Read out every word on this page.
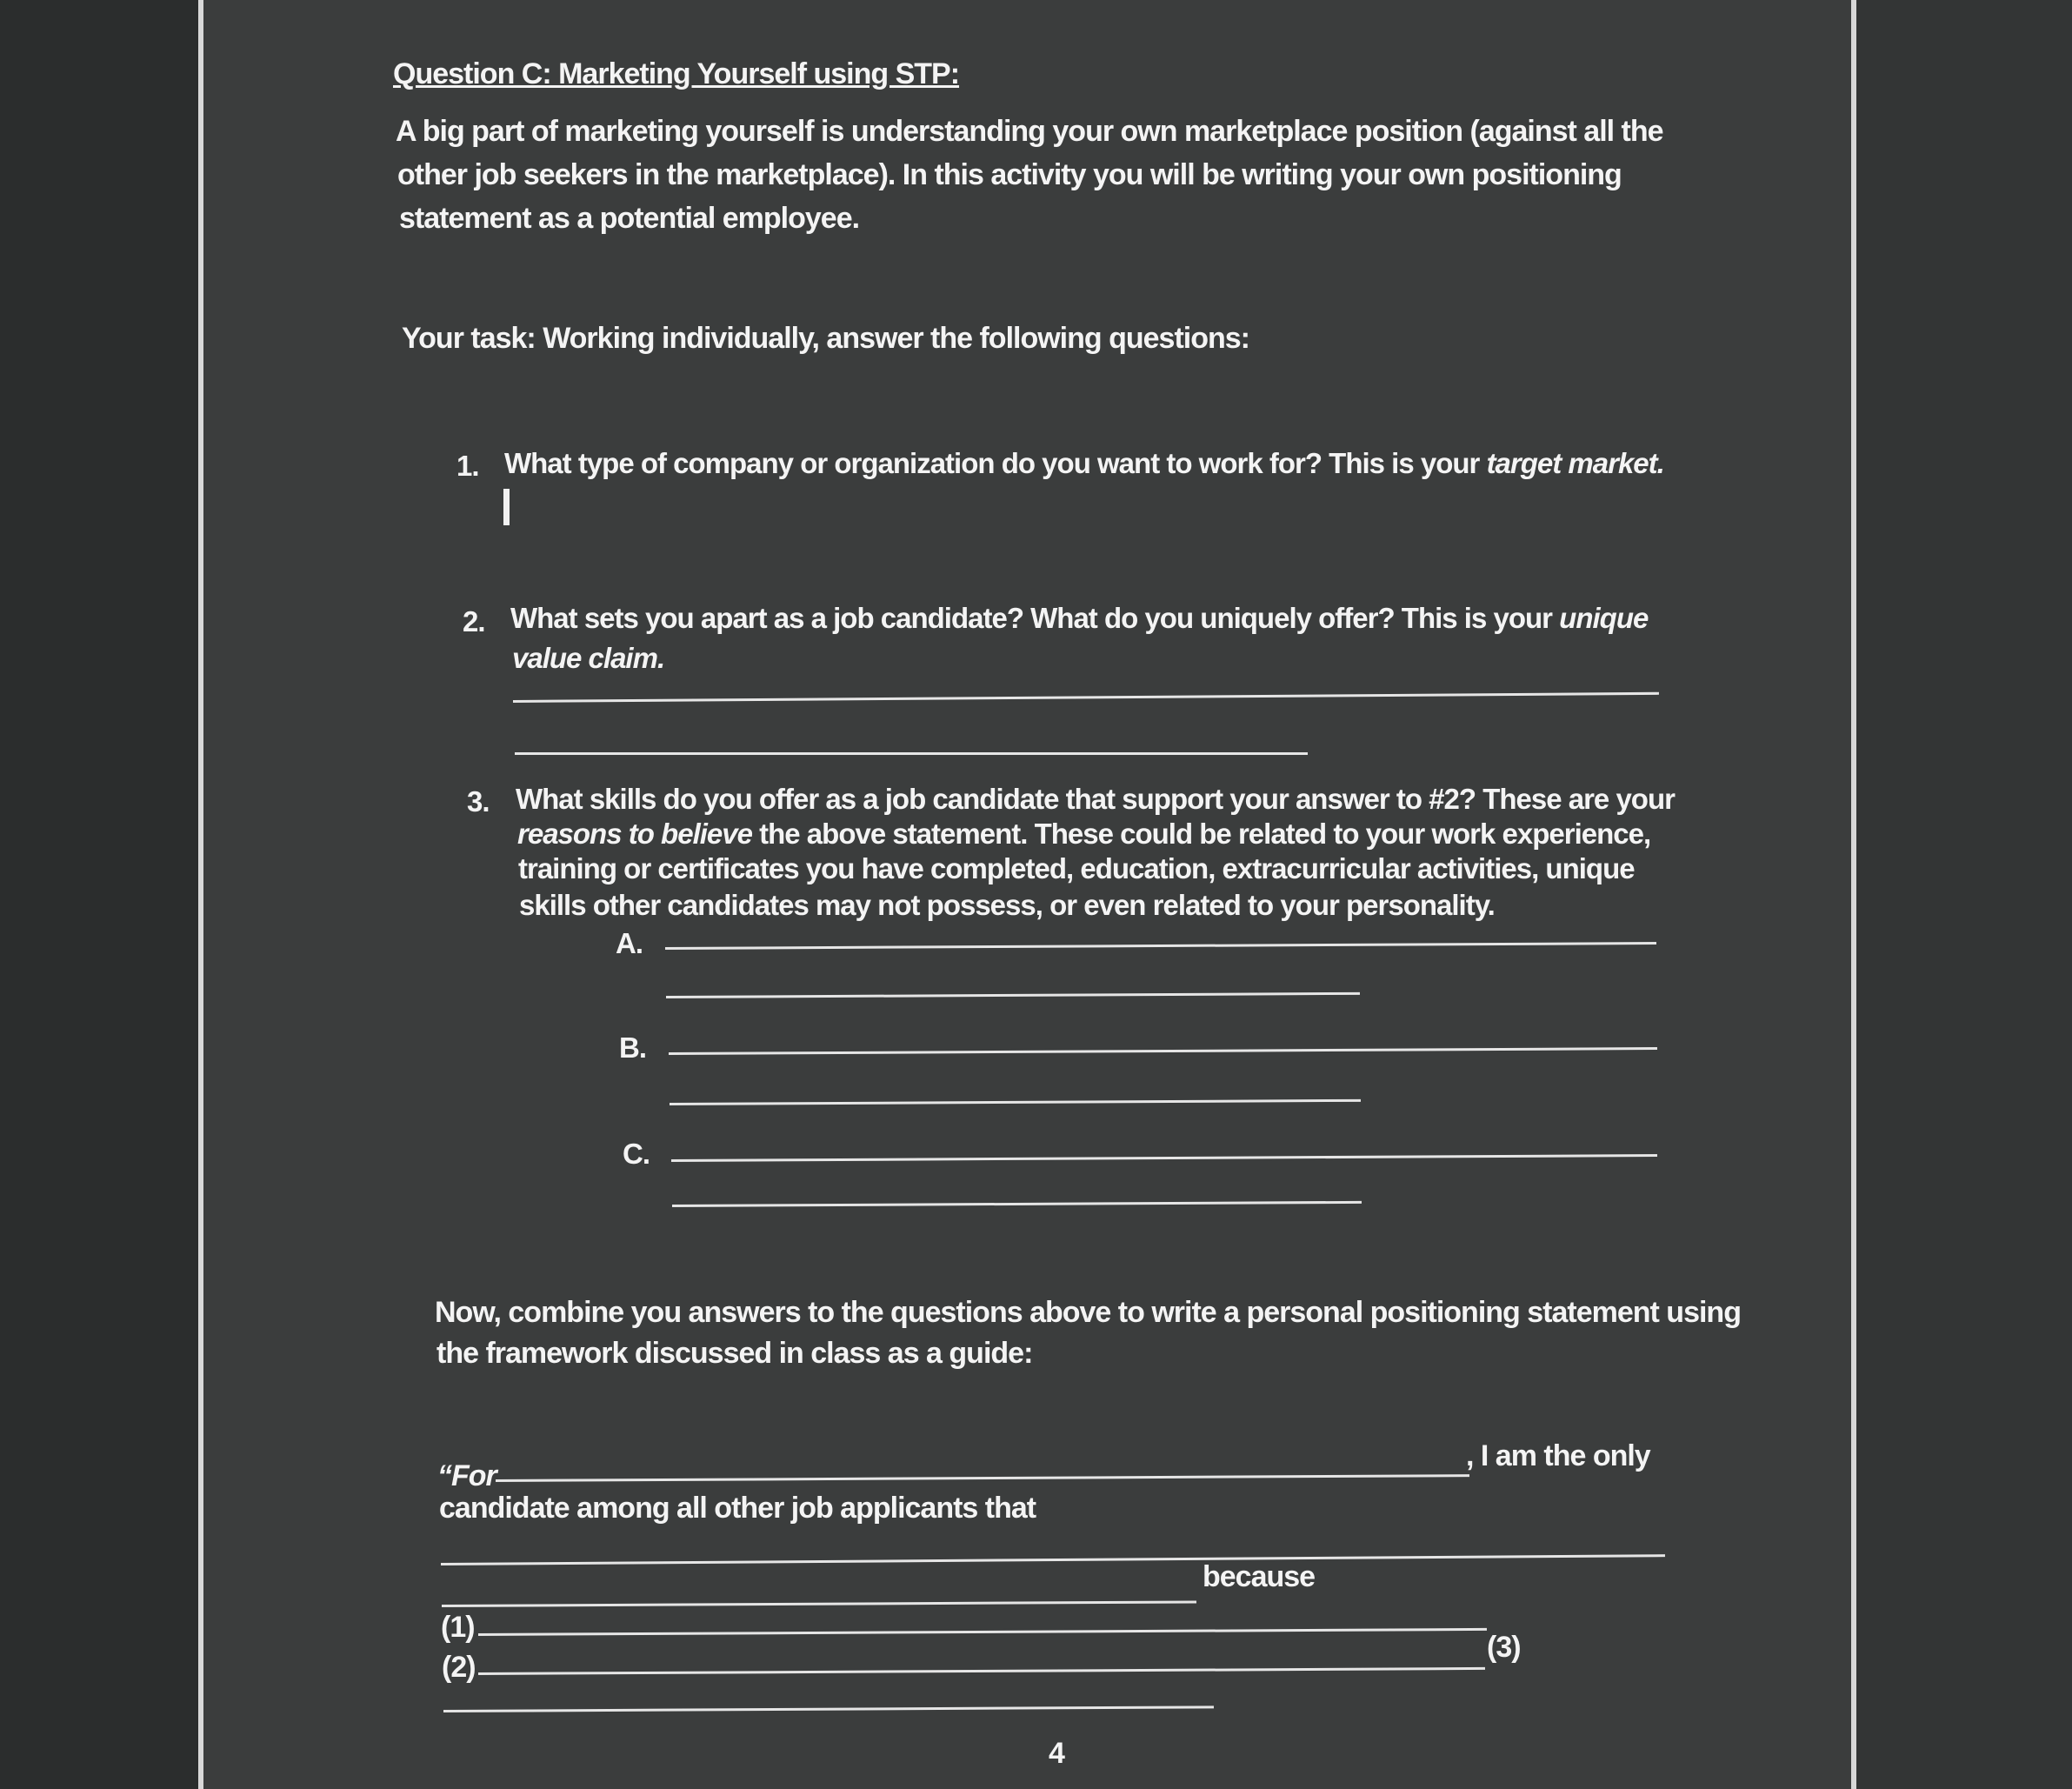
Question C: Marketing Yourself using STP:
A big part of marketing yourself is understanding your own marketplace position (against all the
other job seekers in the marketplace). In this activity you will be writing your own positioning
statement as a potential employee.
Your task: Working individually, answer the following questions:
1. What type of company or organization do you want to work for? This is your target market.
2. What sets you apart as a job candidate? What do you uniquely offer? This is your unique
value claim.
3. What skills do you offer as a job candidate that support your answer to #2? These are your
reasons to believe the above statement. These could be related to your work experience,
training or certificates you have completed, education, extracurricular activities, unique
skills other candidates may not possess, or even related to your personality.
A.
B.
C.
Now, combine you answers to the questions above to write a personal positioning statement using
the framework discussed in class as a guide:
“For
, I am the only
candidate among all other job applicants that
because
(1)
(2)
(3)
4
